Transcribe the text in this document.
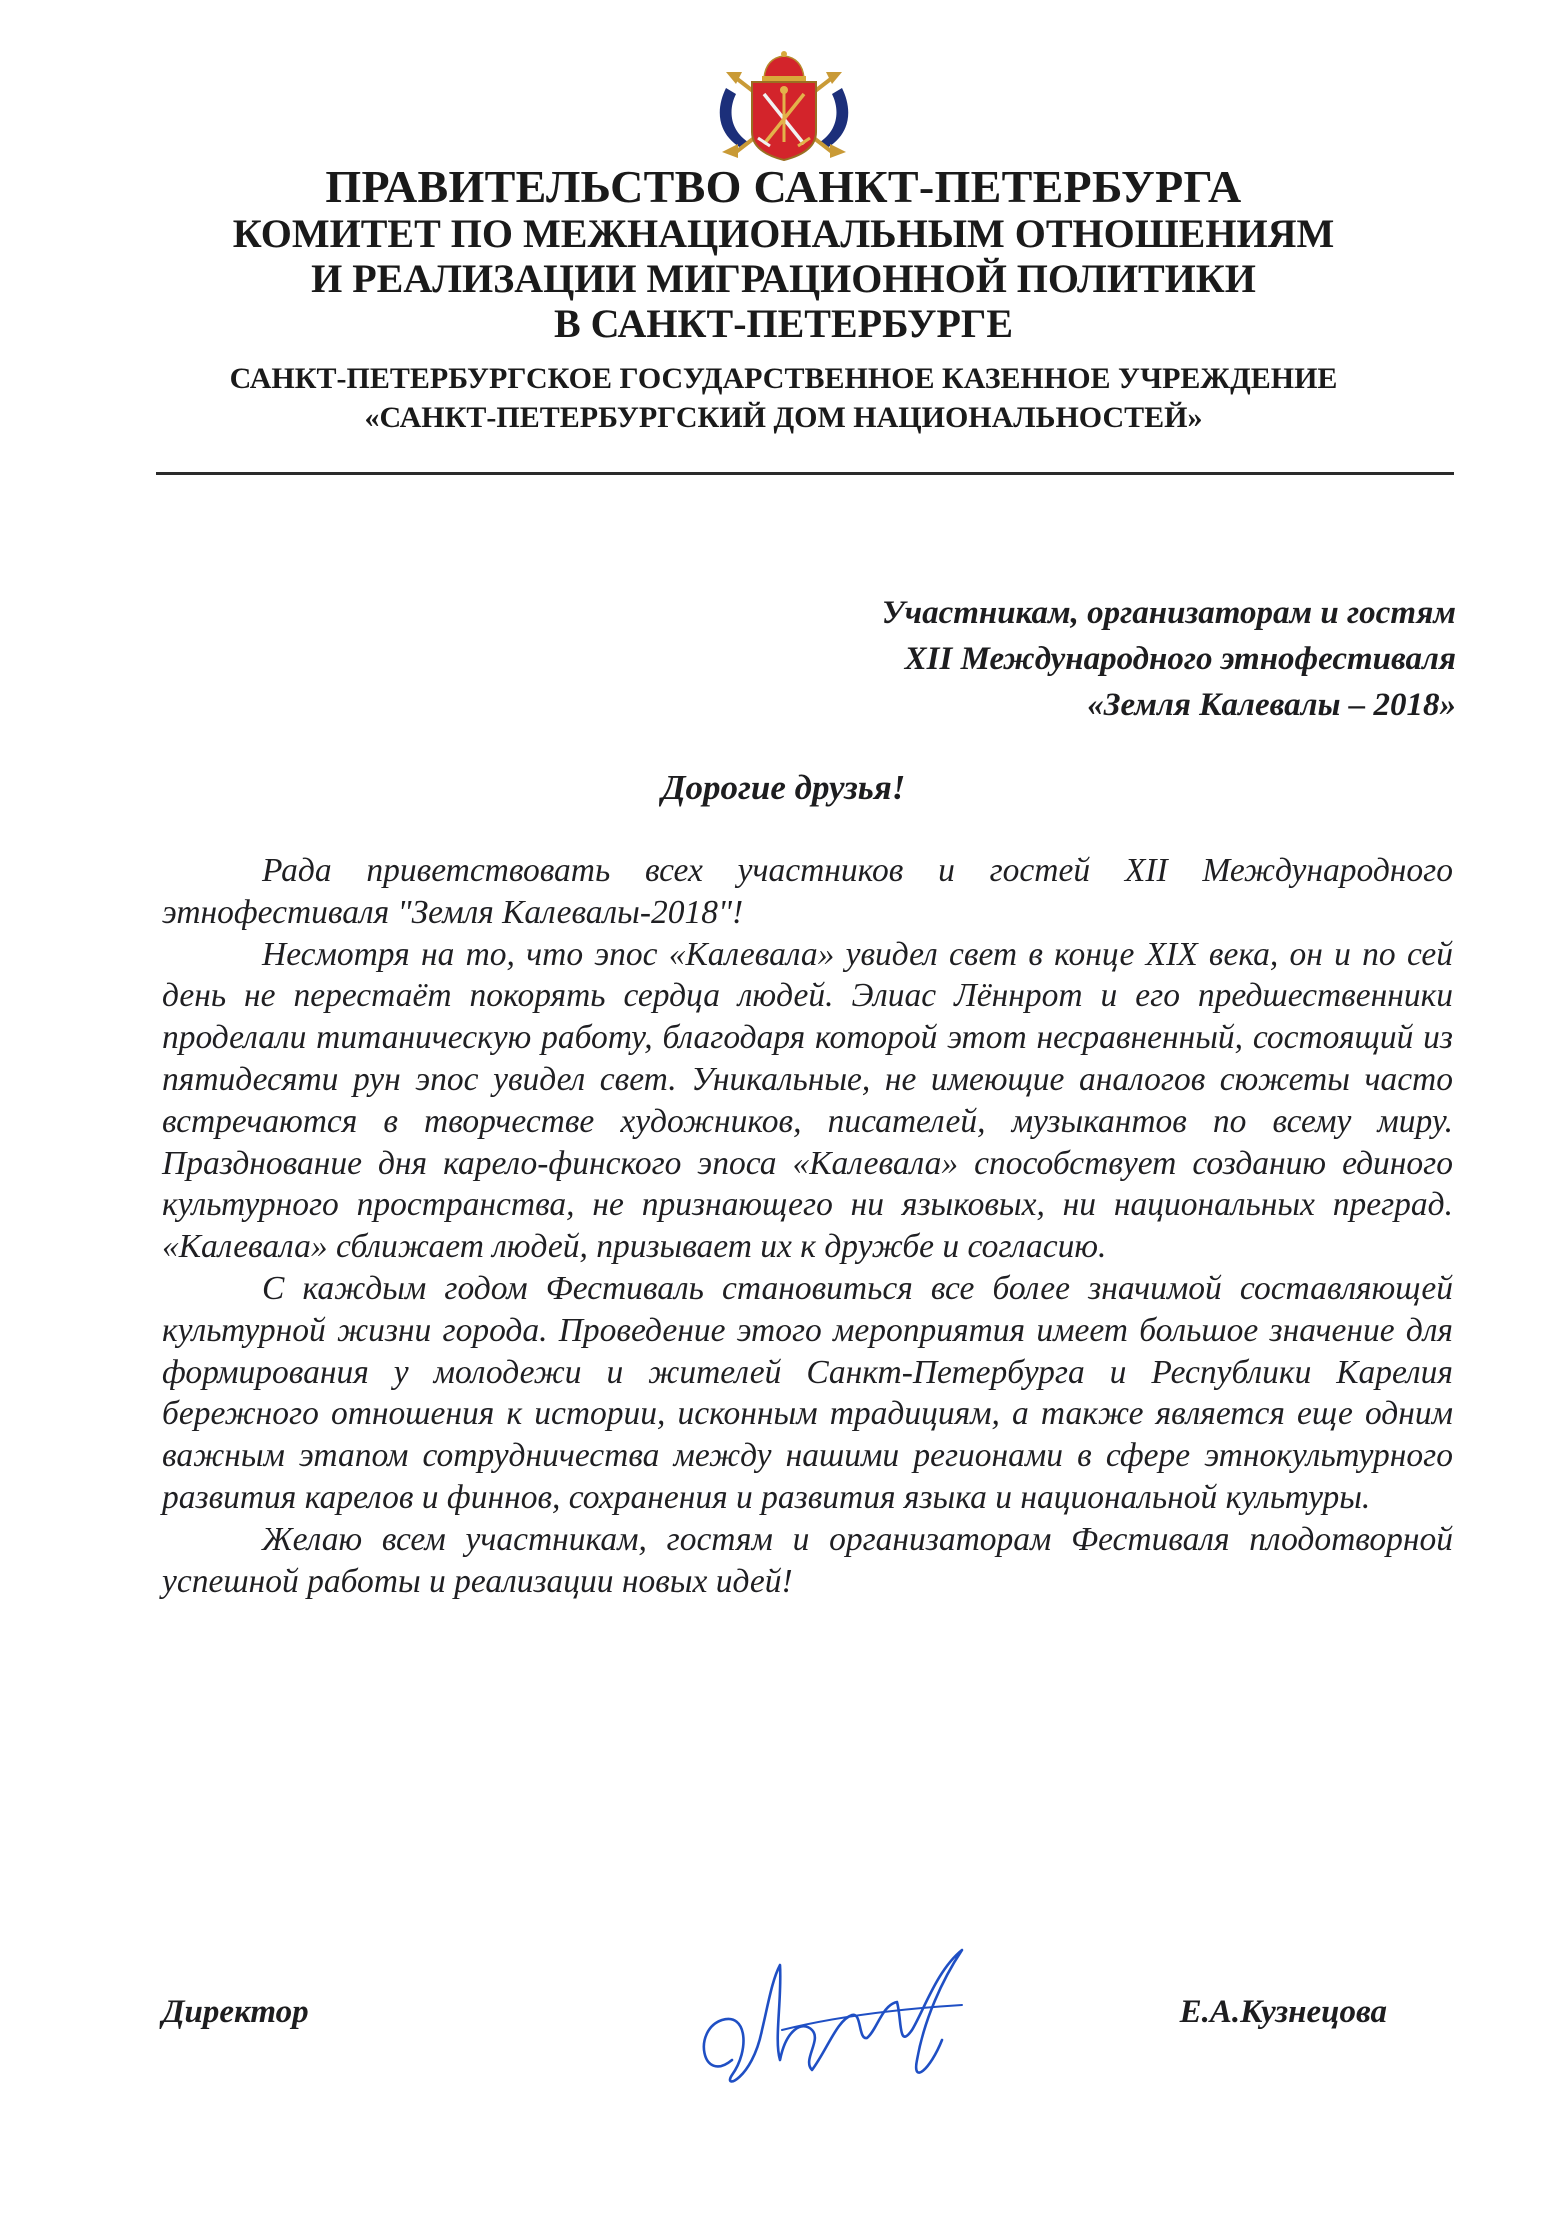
ПРАВИТЕЛЬСТВО САНКТ-ПЕТЕРБУРГА

КОМИТЕТ ПО МЕЖНАЦИОНАЛЬНЫМ ОТНОШЕНИЯМ

И РЕАЛИЗАЦИИ МИГРАЦИОННОЙ ПОЛИТИКИ

В САНКТ-ПЕТЕРБУРГЕ

САНКТ-ПЕТЕРБУРГСКОЕ ГОСУДАРСТВЕННОЕ КАЗЕННОЕ УЧРЕЖДЕНИЕ

«САНКТ-ПЕТЕРБУРГСКИЙ ДОМ НАЦИОНАЛЬНОСТЕЙ»

Участникам, организаторам и гостям
XII Международного этнофестиваля
«Земля Калевалы – 2018»
Дорогие друзья!

Рада приветствовать всех участников и гостей XII Международного этнофестиваля "Земля Калевалы-2018"!

Несмотря на то, что эпос «Калевала» увидел свет в конце XIX века, он и по сей день не перестаёт покорять сердца людей. Элиас Лённрот и его предшественники проделали титаническую работу, благодаря которой этот несравненный, состоящий из пятидесяти рун эпос увидел свет. Уникальные, не имеющие аналогов сюжеты часто встречаются в творчестве художников, писателей, музыкантов по всему миру. Празднование дня карело-финского эпоса «Калевала» способствует созданию единого культурного пространства, не признающего ни языковых, ни национальных преград. «Калевала» сближает людей, призывает их к дружбе и согласию.

С каждым годом Фестиваль становиться все более значимой составляющей культурной жизни города. Проведение этого мероприятия имеет большое значение для формирования у молодежи и жителей Санкт-Петербурга и Республики Карелия бережного отношения к истории, исконным традициям, а также является еще одним важным этапом сотрудничества между нашими регионами в сфере этнокультурного развития карелов и финнов, сохранения и развития языка и национальной культуры.

Желаю всем участникам, гостям и организаторам Фестиваля плодотворной успешной работы и реализации новых идей!

Директор	Е.А.Кузнецова
